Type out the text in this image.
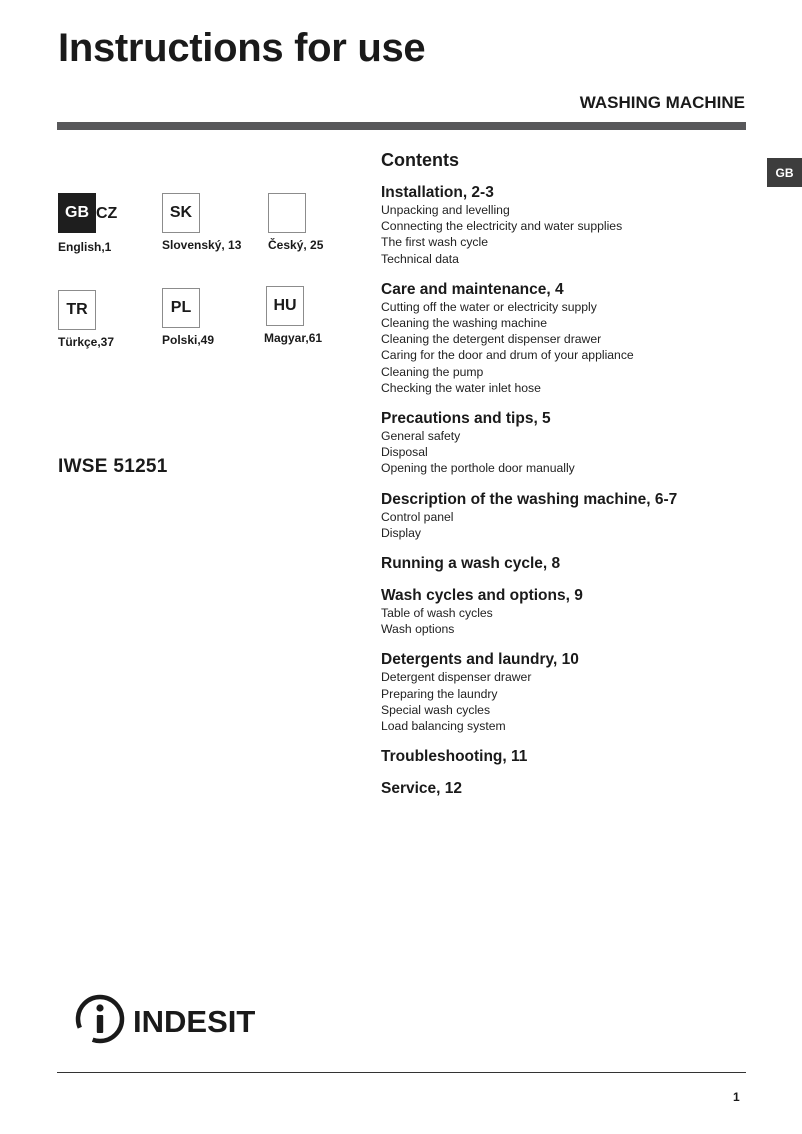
Instructions for use
WASHING MACHINE
GB
GB CZ
English,1
SK
Slovenský, 13 Český, 25
TR
Türkçe,37
PL
Polski,49
HU
Magyar,61
IWSE 51251
Contents
Installation, 2-3
Unpacking and levelling
Connecting the electricity and water supplies
The first wash cycle
Technical data
Care and maintenance, 4
Cutting off the water or electricity supply
Cleaning the washing machine
Cleaning the detergent dispenser drawer
Caring for the door and drum of your appliance
Cleaning the pump
Checking the water inlet hose
Precautions and tips, 5
General safety
Disposal
Opening the porthole door manually
Description of the washing machine, 6-7
Control panel
Display
Running a wash cycle, 8
Wash cycles and options, 9
Table of wash cycles
Wash options
Detergents and laundry, 10
Detergent dispenser drawer
Preparing the laundry
Special wash cycles
Load balancing system
Troubleshooting, 11
Service, 12
INDESIT
1
